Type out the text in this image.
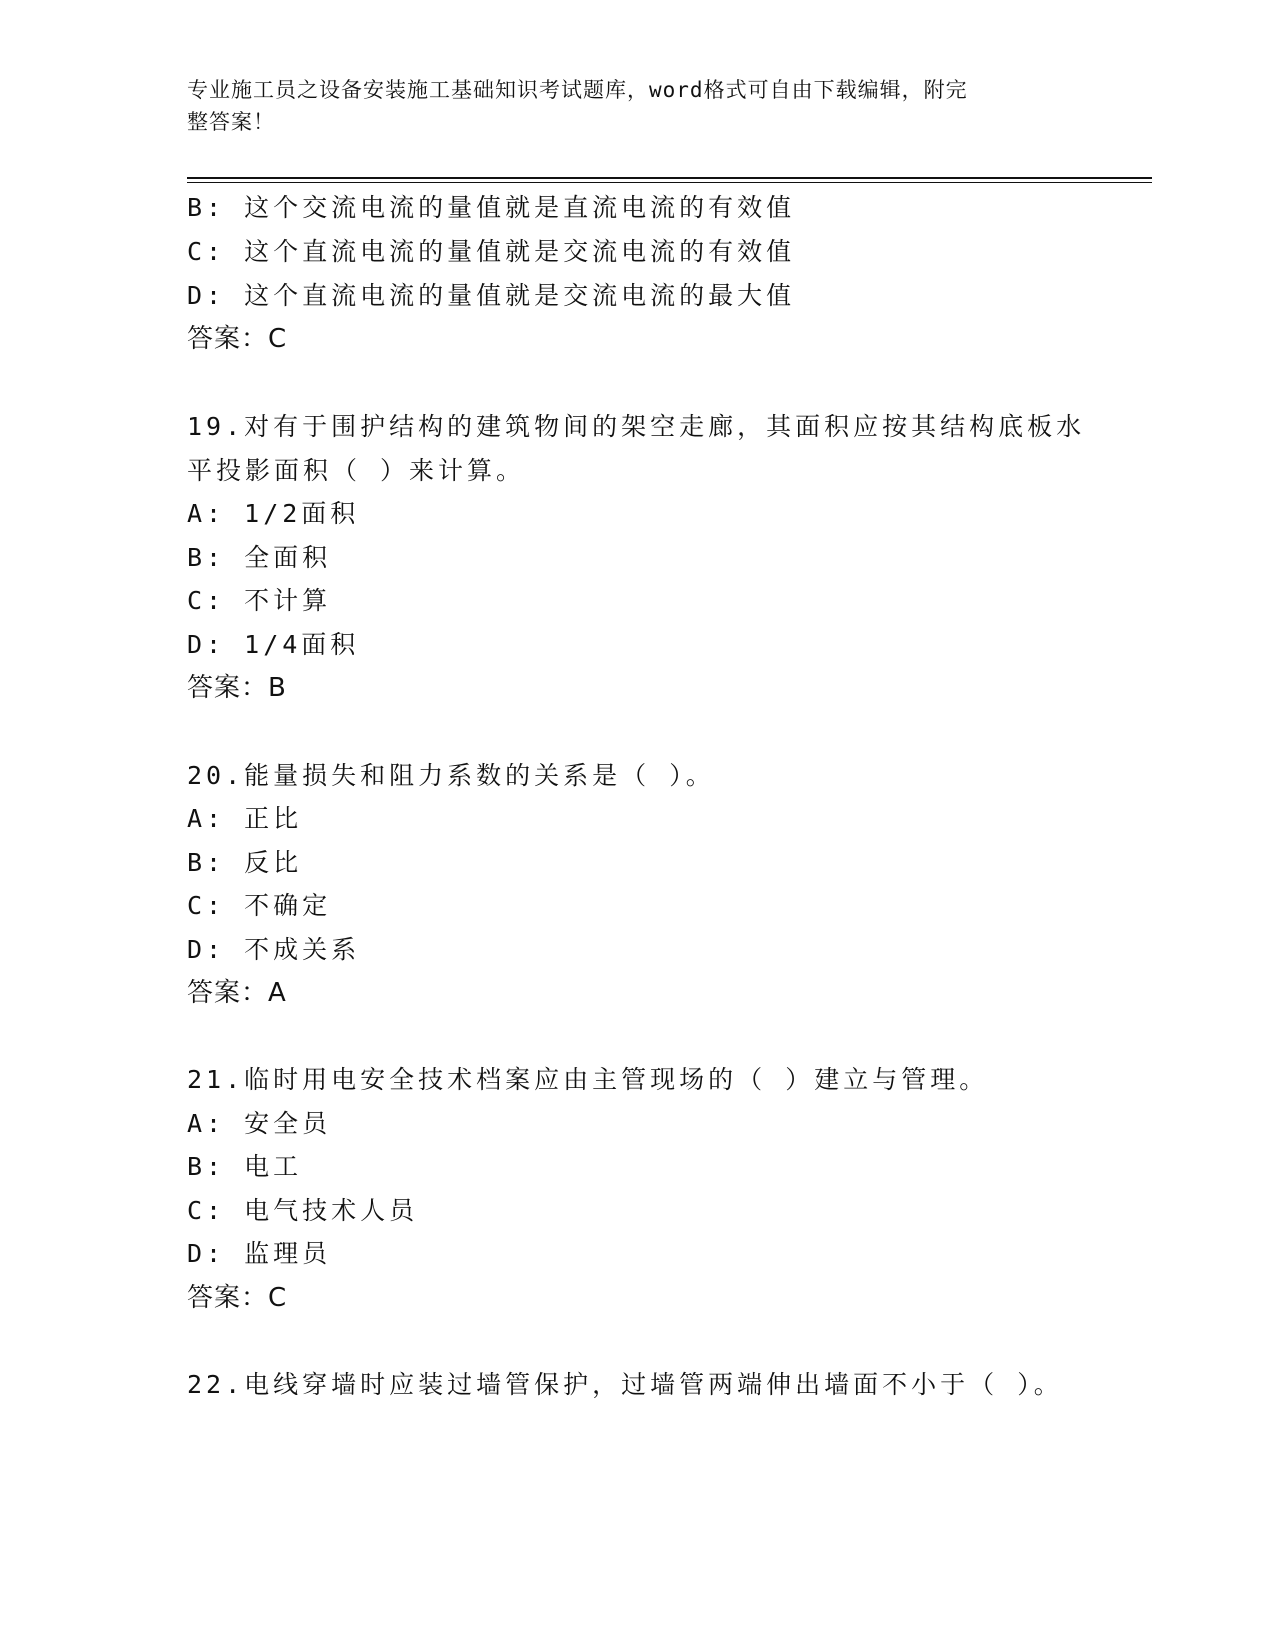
专业施工员之设备安装施工基础知识考试题库，word格式可自由下载编辑，附完
整答案！
B: 这个交流电流的量值就是直流电流的有效值
C: 这个直流电流的量值就是交流电流的有效值
D: 这个直流电流的量值就是交流电流的最大值
答案：C
19.对有于围护结构的建筑物间的架空走廊，其面积应按其结构底板水
平投影面积（ ）来计算。
A: 1/2面积
B: 全面积
C: 不计算
D: 1/4面积
答案：B
20.能量损失和阻力系数的关系是（ ）。
A: 正比
B: 反比
C: 不确定
D: 不成关系
答案：A
21.临时用电安全技术档案应由主管现场的（ ）建立与管理。
A: 安全员
B: 电工
C: 电气技术人员
D: 监理员
答案：C
22.电线穿墙时应装过墙管保护，过墙管两端伸出墙面不小于（ ）。
